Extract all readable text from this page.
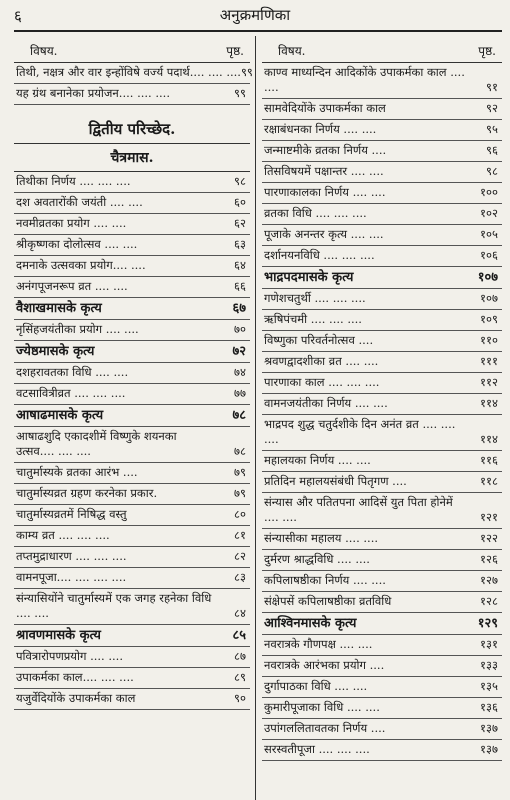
६	अनुक्रमणिका
विषय.	पृष्ठ.
तिथी, नक्षत्र और वार इन्होंविषे वर्ज्य पदार्थ.... .... .... ९९
यह ग्रंथ बनानेका प्रयोजन.... .... ....	९९
द्वितीय परिच्छेद.
चैत्रमास.
तिथीका निर्णय .... .... ....	९८
दश अवतारोंकी जयंती .... ....	६०
नवमीव्रतका प्रयोग .... ....	६२
श्रीकृष्णका दोलोत्सव .... ....	६३
दमनाके उत्सवका प्रयोग.... ....	६४
अनंगपूजनरूप व्रत .... ....	६६
वैशाखमासके कृत्य	६७
नृसिंहजयंतीका प्रयोग .... ....	७०
ज्येष्ठमासके कृत्य	७२
दशहरावतका विधि .... ....	७४
वटसावित्रीव्रत .... .... ....	७७
आषाढमासके कृत्य	७८
आषाढशुदि एकादशीमें विष्णुके शयनका उत्सव.... .... ....	७८
चातुर्मास्यके व्रतका आरंभ ....	७९
चातुर्मास्यव्रत ग्रहण करनेका प्रकार.	७९
चातुर्मास्यव्रतमें निषिद्ध वस्तु	८०
काम्य व्रत .... .... ....	८१
तप्तमुद्राधारण .... .... ....	८२
वामनपूजा.... .... .... ....	८३
संन्यासियोंने चातुर्मास्यमें एक जगह रहनेका विधि .... ....	८४
श्रावणमासके कृत्य	८५
पवित्रारोपणप्रयोग .... ....	८७
उपाकर्मका काल.... .... ....	८९
यजुर्वेदियोंके उपाकर्मका काल	९०
विषय.	पृष्ठ.
काण्व माध्यन्दिन आदिकोंके उपाकर्मका काल .... ....	९१
सामवेदियोंके उपाकर्मका काल	९२
रक्षाबंधनका निर्णय .... ....	९५
जन्माष्टमीके व्रतका निर्णय ....	९६
तिसविषयमें पक्षान्तर .... ....	९८
पारणाकालका निर्णय .... ....	१००
व्रतका विधि .... .... ....	१०२
पूजाके अनन्तर कृत्य .... ....	१०५
दर्शानयनविधि .... .... ....	१०६
भाद्रपदमासके कृत्य	१०७
गणेशचतुर्थी .... .... ....	१०७
ऋषिपंचमी .... .... ....	१०९
विष्णुका परिवर्तनोत्सव ....	११०
श्रवणद्वादशीका व्रत .... ....	१११
पारणाका काल .... .... ....	११२
वामनजयंतीका निर्णय .... ....	११४
भाद्रपद शुद्ध चतुर्दशीके दिन अनंत व्रत .... .... ....	११४
महालयका निर्णय .... ....	११६
प्रतिदिन महालयसंबंधी पितृगण ....	११८
संन्यास और पतितपना आदिसें युत पिता होनेमें .... ....	१२१
संन्यासीका महालय .... ....	१२२
दुर्मरण श्राद्धविधि .... ....	१२६
कपिलाषष्ठीका निर्णय .... ....	१२७
संक्षेपसें कपिलाषष्ठीका व्रतविधि	१२८
आश्विनमासके कृत्य	१२९
नवरात्रके गौणपक्ष .... ....	१३१
नवरात्रके आरंभका प्रयोग ....	१३३
दुर्गापाठका विधि .... ....	१३५
कुमारीपूजाका विधि .... ....	१३६
उपांगललितावतका निर्णय ....	१३७
सरस्वतीपूजा .... .... ....	१३७
